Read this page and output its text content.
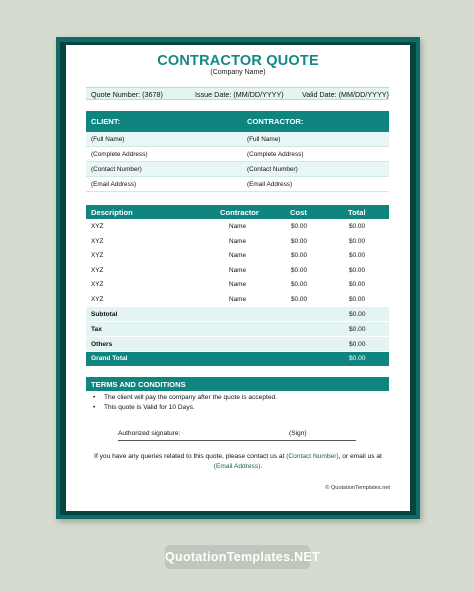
CONTRACTOR QUOTE
(Company Name)
Quote Number: (3678)	Issue Date: (MM/DD/YYYY)	Valid Date: (MM/DD/YYYY)
CLIENT:	CONTRACTOR:
(Full Name)	(Full Name)
(Complete Address)	(Complete Address)
(Contact Number)	(Contact Number)
(Email Address)	(Email Address)
Description	Contractor	Cost	Total
XYZ	Name	$0.00	$0.00
XYZ	Name	$0.00	$0.00
XYZ	Name	$0.00	$0.00
XYZ	Name	$0.00	$0.00
XYZ	Name	$0.00	$0.00
XYZ	Name	$0.00	$0.00
Subtotal	$0.00
Tax	$0.00
Others	$0.00
Grand Total	$0.00
TERMS AND CONDITIONS
• The client will pay the company after the quote is accepted.
• This quote is Valid for 10 Days.
Authorized signature:	(Sign)
If you have any queries related to this quote, please contact us at (Contact Number), or email us at (Email Address).
© QuotationTemplates.net
QuotationTemplates.NET
